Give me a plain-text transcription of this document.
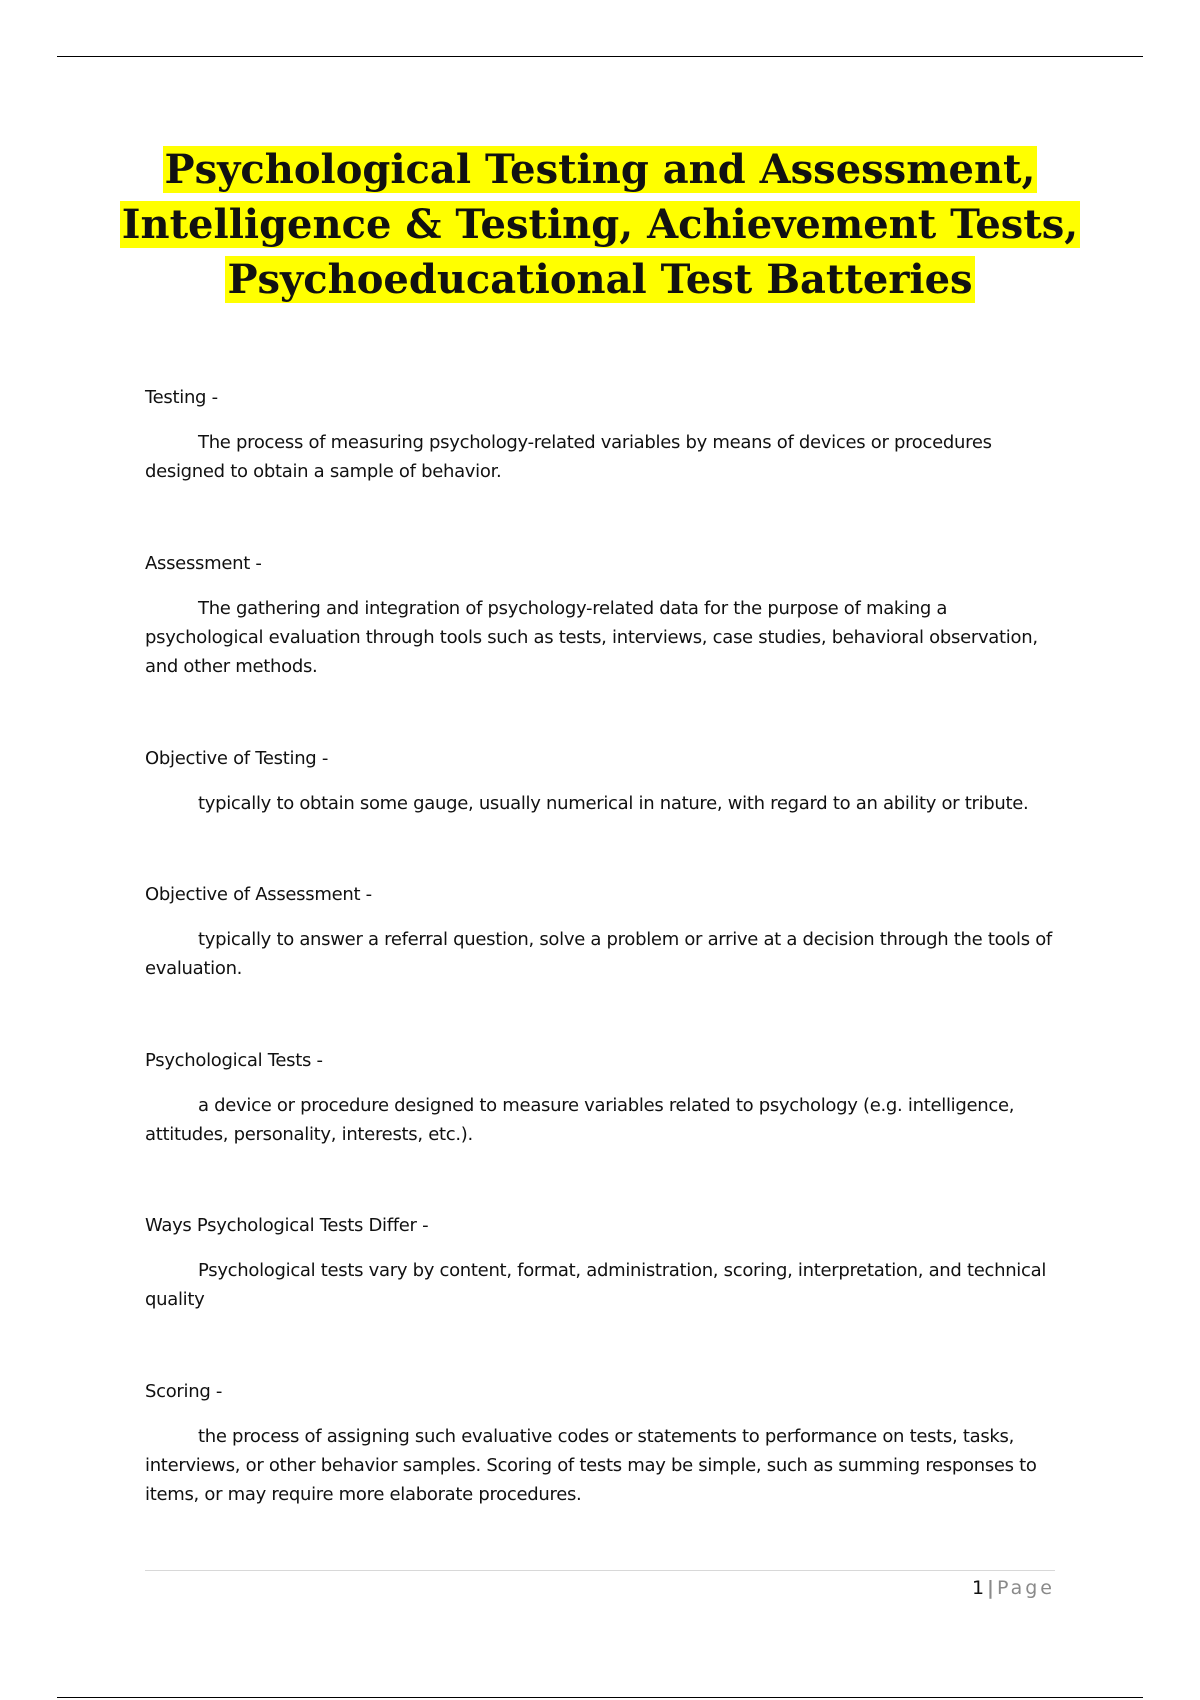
Psychological Testing and Assessment,
Intelligence & Testing, Achievement Tests,
Psychoeducational Test Batteries

Testing -

The process of measuring psychology-related variables by means of devices or procedures designed to obtain a sample of behavior.

Assessment -

The gathering and integration of psychology-related data for the purpose of making a psychological evaluation through tools such as tests, interviews, case studies, behavioral observation, and other methods.

Objective of Testing -

typically to obtain some gauge, usually numerical in nature, with regard to an ability or tribute.

Objective of Assessment -

typically to answer a referral question, solve a problem or arrive at a decision through the tools of evaluation.

Psychological Tests -

a device or procedure designed to measure variables related to psychology (e.g. intelligence, attitudes, personality, interests, etc.).

Ways Psychological Tests Differ -

Psychological tests vary by content, format, administration, scoring, interpretation, and technical quality

Scoring -

the process of assigning such evaluative codes or statements to performance on tests, tasks, interviews, or other behavior samples. Scoring of tests may be simple, such as summing responses to items, or may require more elaborate procedures.

1 | Page
